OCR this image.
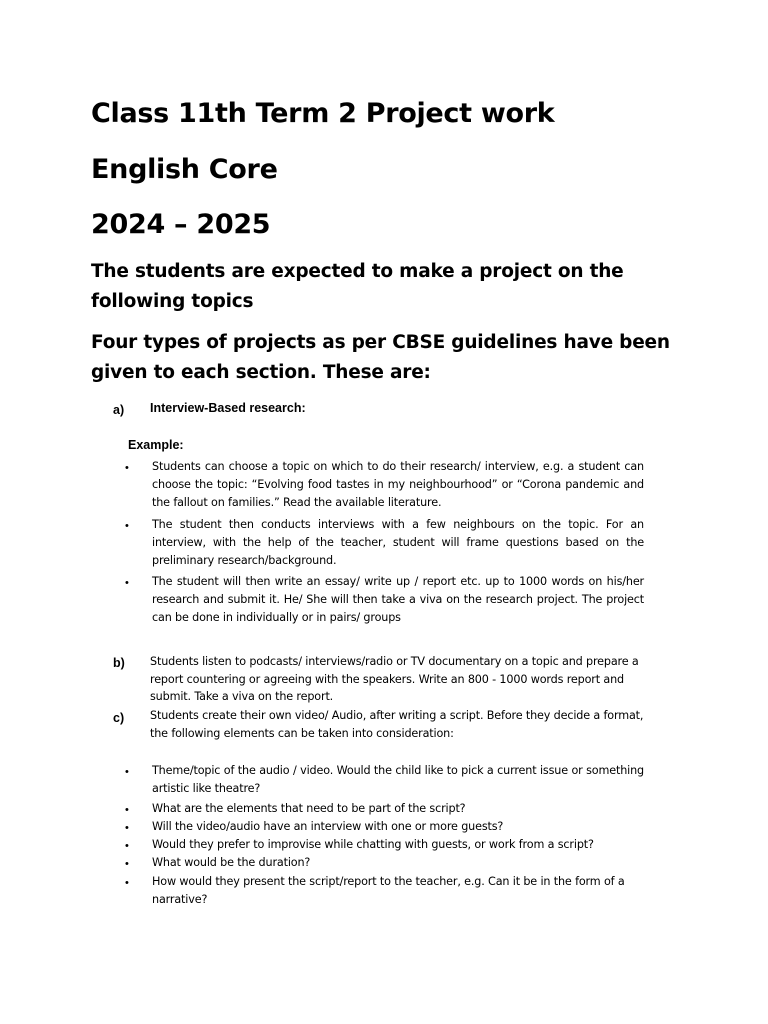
Class 11th Term 2 Project work
English Core
2024 – 2025

The students are expected to make a project on the following topics

Four types of projects as per CBSE guidelines have been given to each section. These are:

a) Interview-Based research:
Example:
• Students can choose a topic on which to do their research/ interview, e.g. a student can choose the topic: “Evolving food tastes in my neighbourhood” or “Corona pandemic and the fallout on families.” Read the available literature.

• The student then conducts interviews with a few neighbours on the topic. For an interview, with the help of the teacher, student will frame questions based on the preliminary research/background.

• The student will then write an essay/ write up / report etc. up to 1000 words on his/her research and submit it. He/ She will then take a viva on the research project. The project can be done in individually or in pairs/ groups

b) Students listen to podcasts/ interviews/radio or TV documentary on a topic and prepare a report countering or agreeing with the speakers. Write an 800 - 1000 words report and submit. Take a viva on the report.

c) Students create their own video/ Audio, after writing a script. Before they decide a format, the following elements can be taken into consideration:

• Theme/topic of the audio / video. Would the child like to pick a current issue or something artistic like theatre?

• What are the elements that need to be part of the script?

• Will the video/audio have an interview with one or more guests?

• Would they prefer to improvise while chatting with guests, or work from a script?

• What would be the duration?

• How would they present the script/report to the teacher, e.g. Can it be in the form of a narrative?
